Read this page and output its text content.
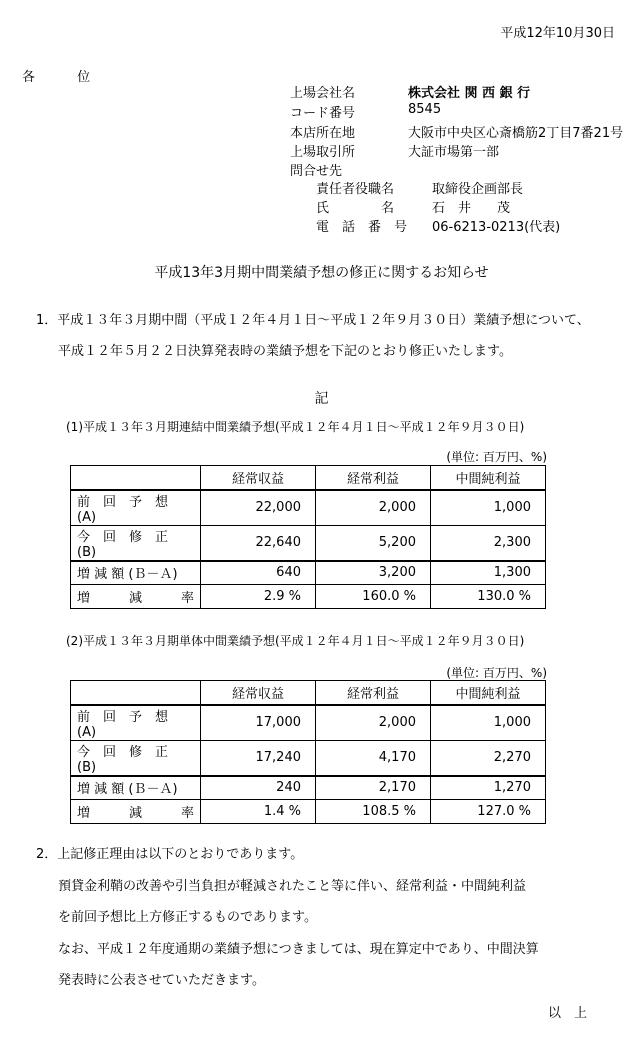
平成12年10月30日
各	位
上場会社名	株式会社 関 西 銀 行
コード番号	8545
本店所在地	大阪市中央区心斎橋筋2丁目7番21号
上場取引所	大証市場第一部
問合せ先
責任者役職名	取締役企画部長
氏　　　　名	石　井　　茂
電　話　番　号 06-6213-0213(代表)
平成13年3月期中間業績予想の修正に関するお知らせ
1．平成１３年３月期中間（平成１２年４月１日～平成１２年９月３０日）業績予想について、
平成１２年５月２２日決算発表時の業績予想を下記のとおり修正いたします。
記
(1)平成１３年３月期連結中間業績予想(平成１２年４月１日～平成１２年９月３０日)
(単位: 百万円、%)
	経常収益	経常利益	中間純利益
前　回　予　想　(A)	22,000	2,000	1,000
今　回　修　正　(B)	22,640	5,200	2,300
増 減 額 (Ｂ－Ａ)	640	3,200	1,300

増 減 率	2.9 %	160.0 %	130.0 %
(2)平成１３年３月期単体中間業績予想(平成１２年４月１日～平成１２年９月３０日)
(単位: 百万円、%)
	経常収益	経常利益	中間純利益
前　回　予　想　(A)	17,000	2,000	1,000
今　回　修　正　(B)	17,240	4,170	2,270
増 減 額 (Ｂ－Ａ)	240	2,170	1,270

増 減 率	1.4 %	108.5 %	127.0 %
2．上記修正理由は以下のとおりであります。
預貸金利鞘の改善や引当負担が軽減されたこと等に伴い、経常利益・中間純利益
を前回予想比上方修正するものであります。
なお、平成１２年度通期の業績予想につきましては、現在算定中であり、中間決算
発表時に公表させていただきます。
以　上
